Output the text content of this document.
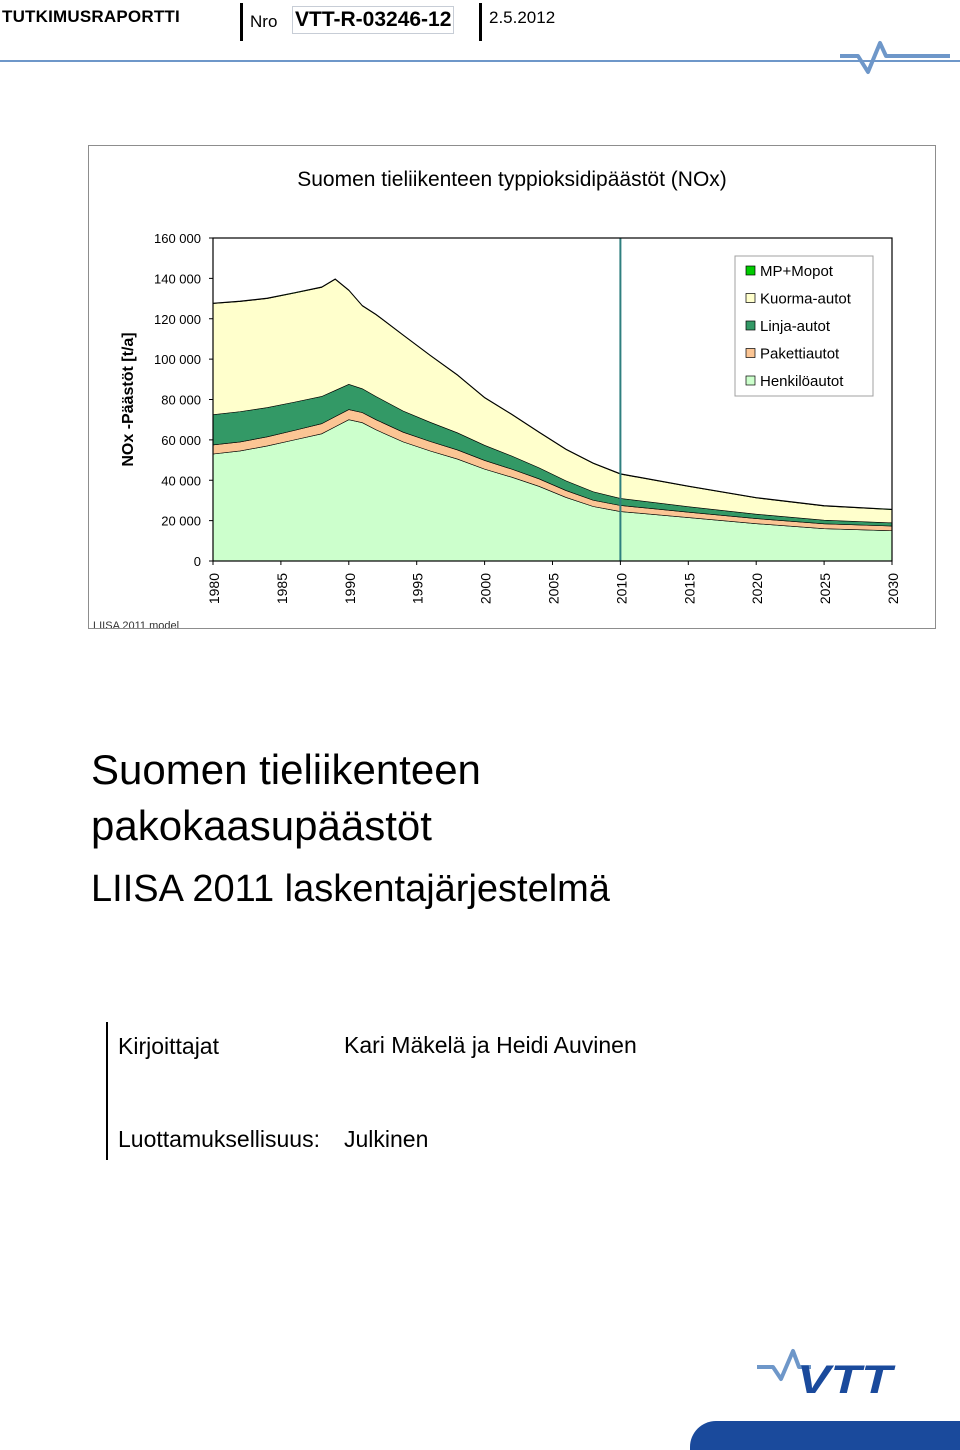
TUTKIMUSRAPORTTI	Nro VTT-R-03246-12 2.5.2012
Suomen tieliikenteen typpioksidipäästöt (NOx)
NOx -Päästöt [t/a]
0
20 000
40 000
60 000
80 000
100 000
120 000
140 000
160 000
1980	1985	1990	1995	2000	2005	2010	2015	2020	2025	2030
MP+Mopot
Kuorma-autot
Linja-autot
Pakettiautot
Henkilöautot
LIISA 2011 model
Suomen tieliikenteen
pakokaasupäästöt
LIISA 2011 laskentajärjestelmä
Kirjoittajat	Kari Mäkelä ja Heidi Auvinen
Luottamuksellisuus: Julkinen
VTT
